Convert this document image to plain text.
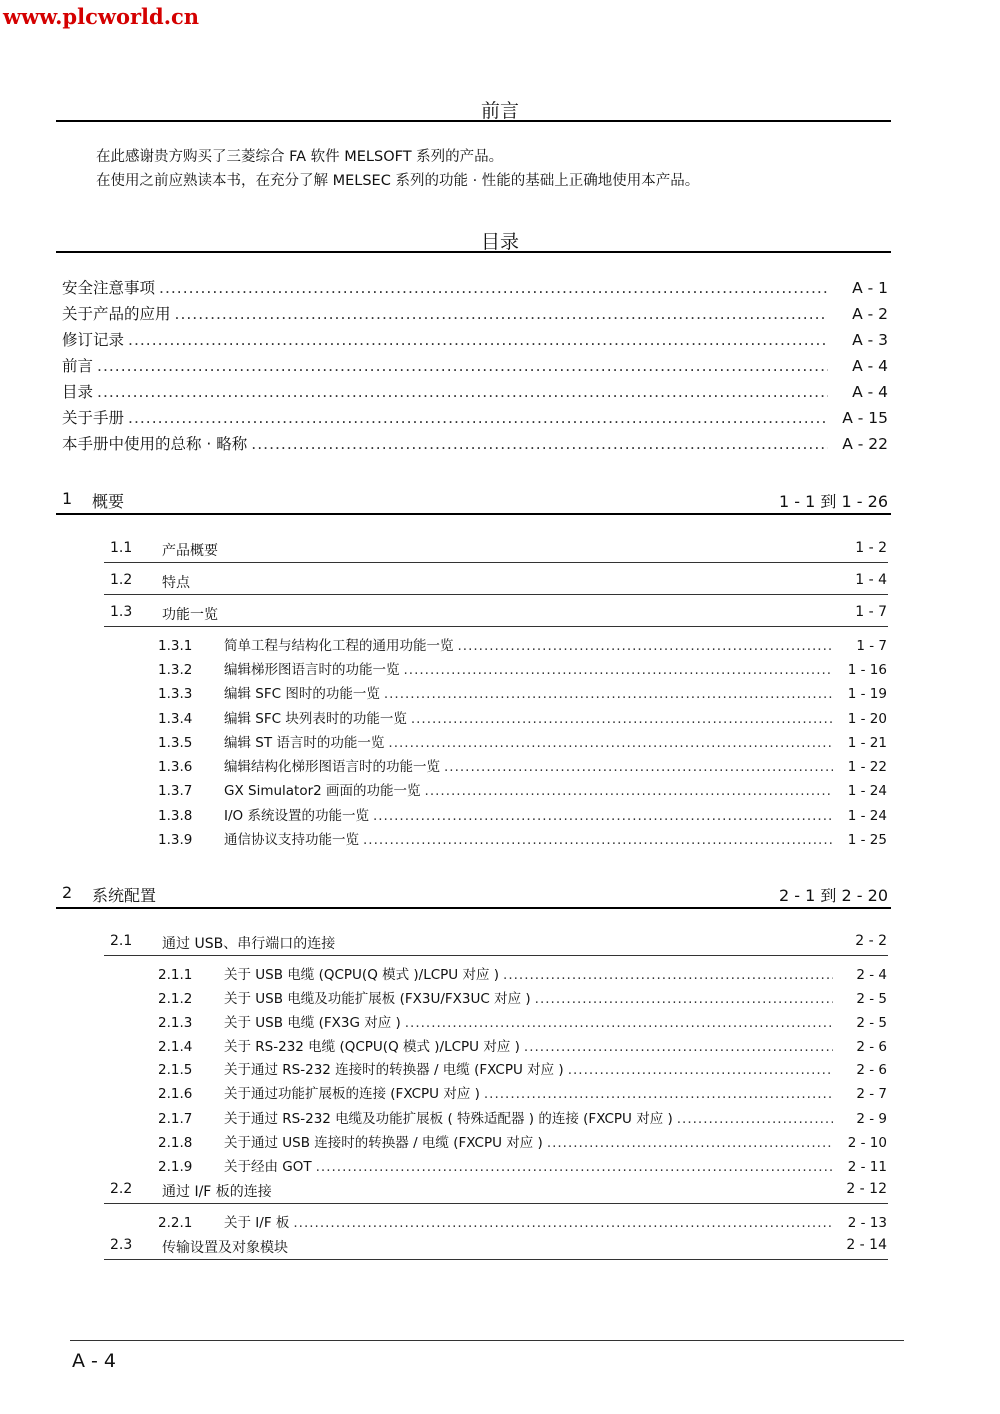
www.plcworld.cn
前言
在此感谢贵方购买了三菱综合 FA 软件 MELSOFT 系列的产品。
在使用之前应熟读本书，在充分了解 MELSEC 系列的功能 · 性能的基础上正确地使用本产品。
目录
安全注意事项 .....	A - 1
关于产品的应用 .....	A - 2
修订记录 .....	A - 3
前言 .....	A - 4
目录 .....	A - 4
关于手册 .....	A - 15
本手册中使用的总称 · 略称 .....	A - 22
1	概要	1 - 1 到 1 - 26
1.1	产品概要	1 - 2
1.2	特点	1 - 4
1.3	功能一览	1 - 7
1.3.1 简单工程与结构化工程的通用功能一览 .....	1 - 7
1.3.2 编辑梯形图语言时的功能一览 .....	1 - 16
1.3.3 编辑 SFC 图时的功能一览 .....	1 - 19
1.3.4 编辑 SFC 块列表时的功能一览 .....	1 - 20
1.3.5 编辑 ST 语言时的功能一览 .....	1 - 21
1.3.6 编辑结构化梯形图语言时的功能一览 .....	1 - 22
1.3.7 GX Simulator2 画面的功能一览 .....	1 - 24
1.3.8 I/O 系统设置的功能一览 .....	1 - 24
1.3.9 通信协议支持功能一览 .....	1 - 25
2	系统配置	2 - 1 到 2 - 20
2.1	通过 USB、串行端口的连接	2 - 2
2.1.1 关于 USB 电缆 (QCPU(Q 模式 )/LCPU 对应 ) .....	2 - 4
2.1.2 关于 USB 电缆及功能扩展板 (FX3U/FX3UC 对应 ) .....	2 - 5
2.1.3 关于 USB 电缆 (FX3G 对应 ) .....	2 - 5
2.1.4 关于 RS-232 电缆 (QCPU(Q 模式 )/LCPU 对应 ) .....	2 - 6
2.1.5 关于通过 RS-232 连接时的转换器 / 电缆 (FXCPU 对应 ) .....	2 - 6
2.1.6 关于通过功能扩展板的连接 (FXCPU 对应 ) .....	2 - 7
2.1.7 关于通过 RS-232 电缆及功能扩展板 ( 特殊适配器 ) 的连接 (FXCPU 对应 ) .....	2 - 9
2.1.8 关于通过 USB 连接时的转换器 / 电缆 (FXCPU 对应 ) .....	2 - 10
2.1.9 关于经由 GOT .....	2 - 11
2.2	通过 I/F 板的连接	2 - 12
2.2.1 关于 I/F 板 .....	2 - 13
2.3	传输设置及对象模块	2 - 14
A - 4
